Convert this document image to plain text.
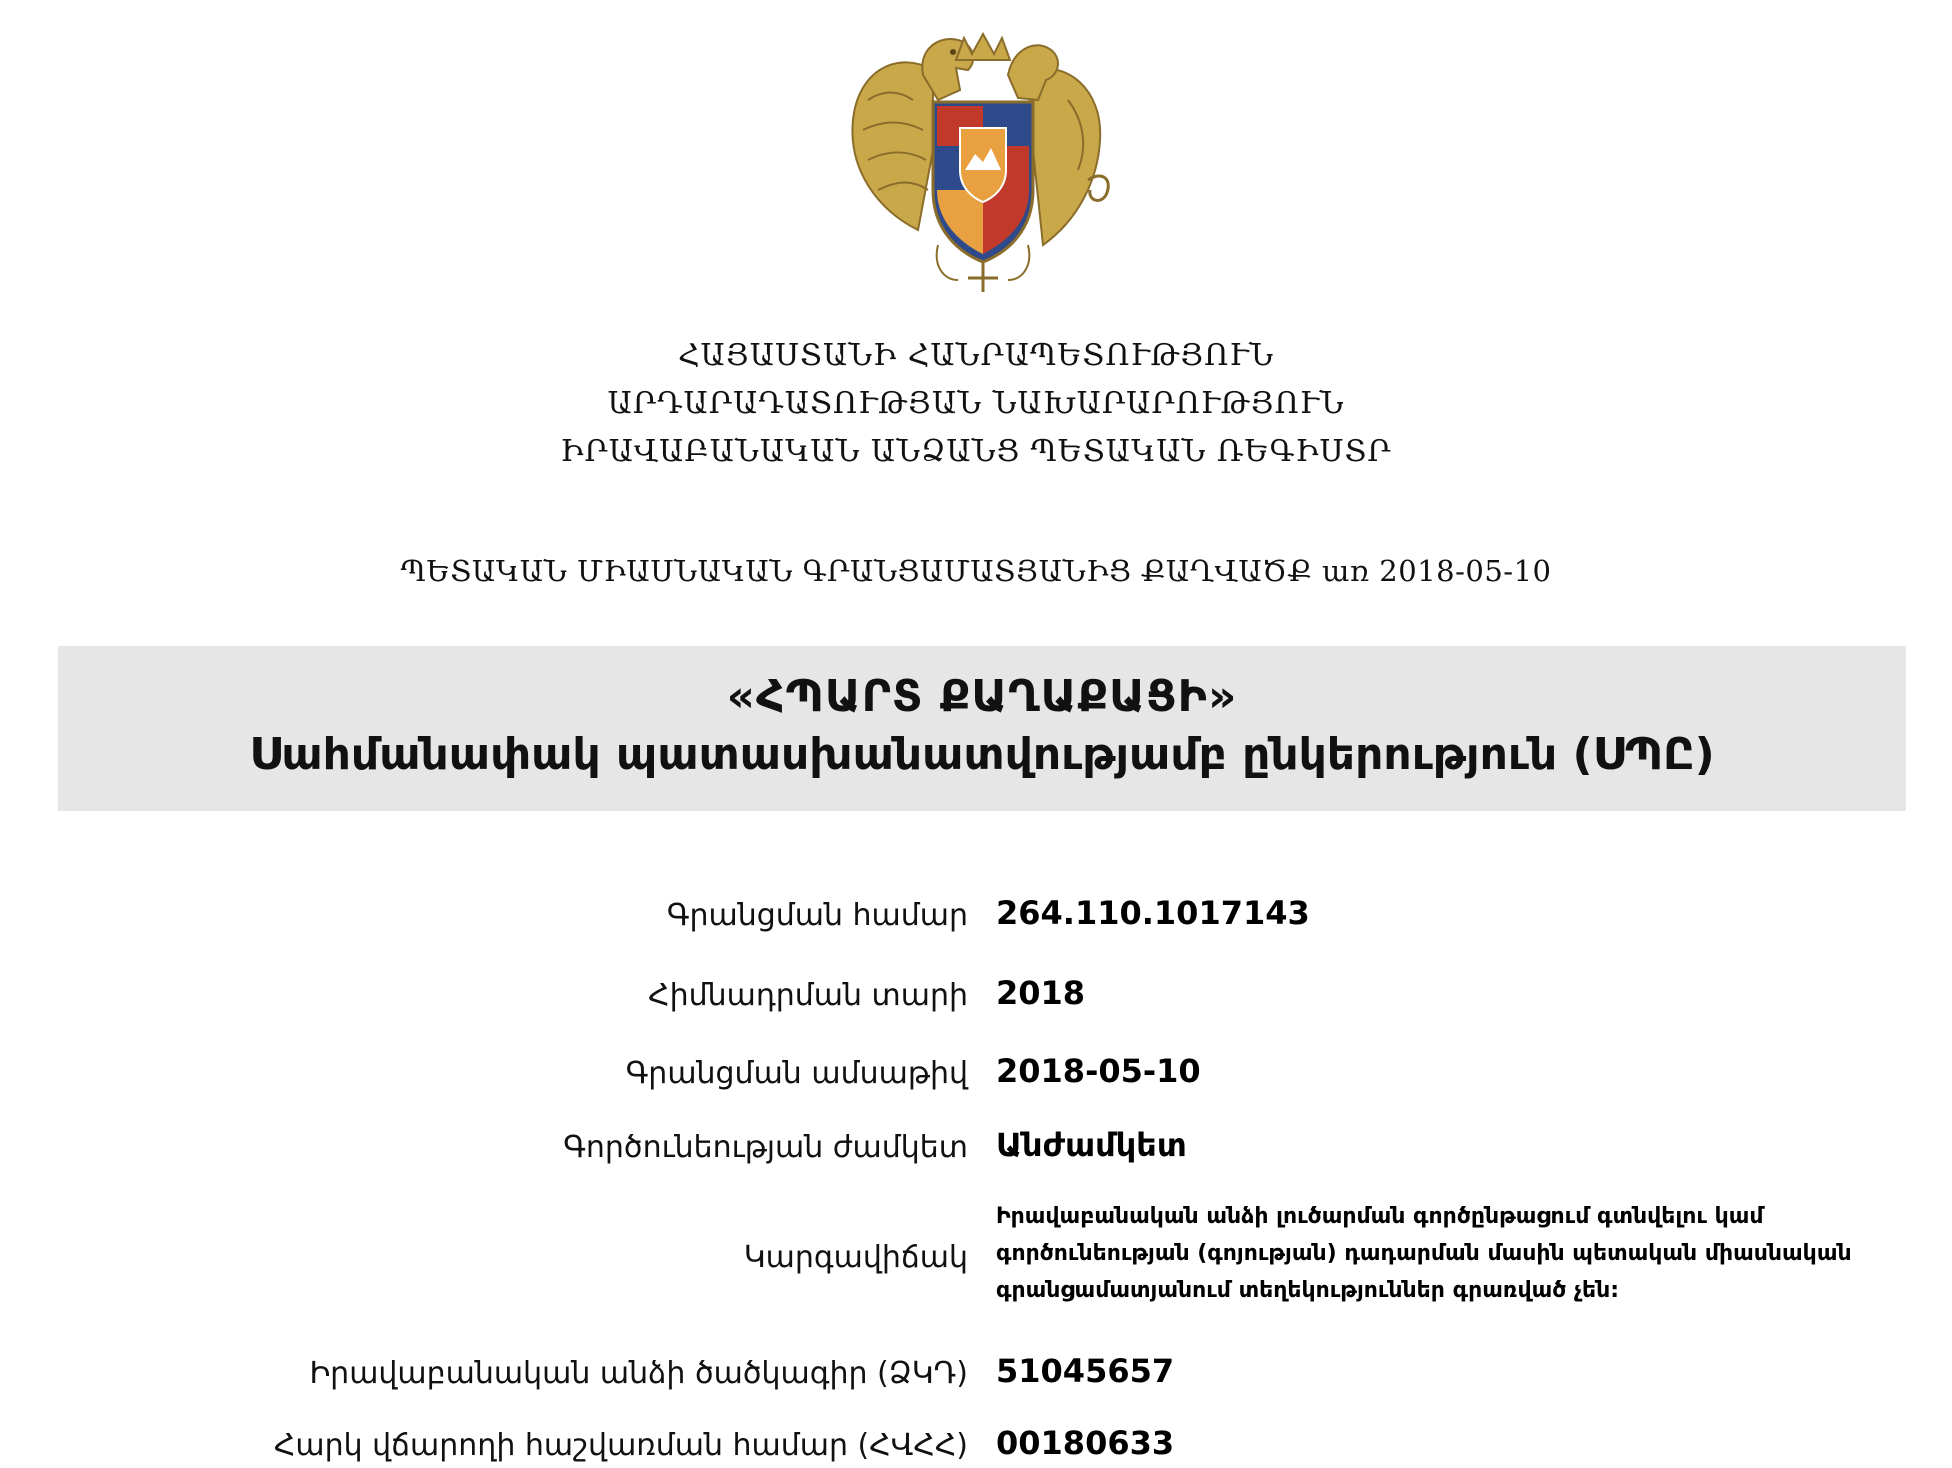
ՀԱՅԱՍՏԱՆԻ ՀԱՆՐԱՊԵՏՈՒԹՅՈՒՆ
ԱՐԴԱՐԱԴԱՏՈՒԹՅԱՆ ՆԱԽԱՐԱՐՈՒԹՅՈՒՆ
ԻՐԱՎԱԲԱՆԱԿԱՆ ԱՆՁԱՆՑ ՊԵՏԱԿԱՆ ՌԵԳԻՍՏՐ
ՊԵՏԱԿԱՆ ՄԻԱՍՆԱԿԱՆ ԳՐԱՆՑԱՄԱՏՅԱՆԻՑ ՔԱՂՎԱԾՔ առ 2018-05-10
«ՀՊԱՐՏ ՔԱՂԱՔԱՑԻ»
Սահմանափակ պատասխանատվությամբ ընկերություն (ՍՊԸ)
Գրանցման համար 264.110.1017143
Հիմնադրման տարի 2018
Գրանցման ամսաթիվ 2018-05-10
Գործունեության ժամկետ Անժամկետ
Կարգավիճակ
Իրավաբանական անձի լուծարման գործընթացում գտնվելու կամ գործունեության (գոյության) դադարման մասին պետական միասնական գրանցամատյանում տեղեկություններ գրառված չեն:
Իրավաբանական անձի ծածկագիր (ՁԿԴ) 51045657
Հարկ վճարողի հաշվառման համար (ՀՎՀՀ) 00180633
